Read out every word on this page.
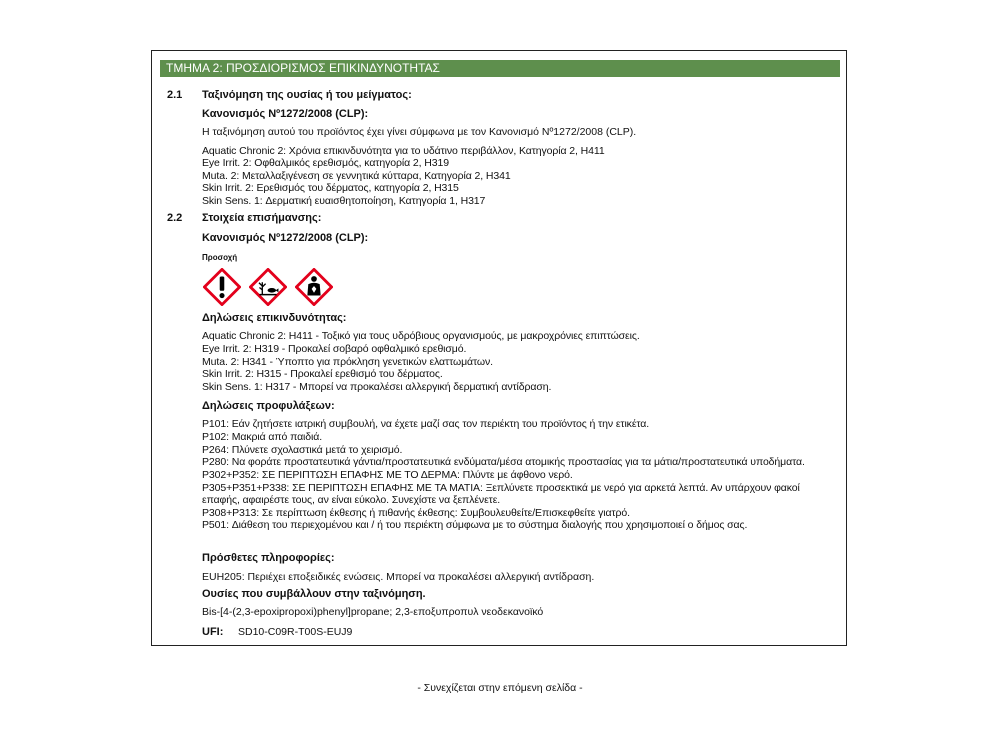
ΤΜΗΜΑ 2: ΠΡΟΣΔΙΟΡΙΣΜΟΣ ΕΠΙΚΙΝΔΥΝΟΤΗΤΑΣ
2.1 Ταξινόμηση της ουσίας ή του μείγματος:
Κανονισμός Nº1272/2008 (CLP):
Η ταξινόμηση αυτού του προϊόντος έχει γίνει σύμφωνα με τον Κανονισμό Nº1272/2008 (CLP).
Aquatic Chronic 2: Χρόνια επικινδυνότητα για το υδάτινο περιβάλλον, Κατηγορία 2, H411
Eye Irrit. 2: Οφθαλμικός ερεθισμός, κατηγορία 2, H319
Muta. 2: Μεταλλαξιγένεση σε γεννητικά κύτταρα, Κατηγορία 2, H341
Skin Irrit. 2: Ερεθισμός του δέρματος, κατηγορία 2, H315
Skin Sens. 1: Δερματική ευαισθητοποίηση, Κατηγορία 1, H317
2.2 Στοιχεία επισήμανσης:
Κανονισμός Nº1272/2008 (CLP):
Προσοχή
Δηλώσεις επικινδυνότητας:
Aquatic Chronic 2: H411 - Τοξικό για τους υδρόβιους οργανισμούς, με μακροχρόνιες επιπτώσεις.
Eye Irrit. 2: H319 - Προκαλεί σοβαρό οφθαλμικό ερεθισμό.
Muta. 2: H341 - Ύποπτο για πρόκληση γενετικών ελαττωμάτων.
Skin Irrit. 2: H315 - Προκαλεί ερεθισμό του δέρματος.
Skin Sens. 1: H317 - Μπορεί να προκαλέσει αλλεργική δερματική αντίδραση.
Δηλώσεις προφυλάξεων:
P101: Εάν ζητήσετε ιατρική συμβουλή, να έχετε μαζί σας τον περιέκτη του προϊόντος ή την ετικέτα.
P102: Μακριά από παιδιά.
P264: Πλύνετε σχολαστικά μετά το χειρισμό.
P280: Να φοράτε προστατευτικά γάντια/προστατευτικά ενδύματα/μέσα ατομικής προστασίας για τα μάτια/προστατευτικά υποδήματα.
P302+P352: ΣΕ ΠΕΡΙΠΤΩΣΗ ΕΠΑΦΗΣ ΜΕ ΤΟ ΔΕΡΜΑ: Πλύντε με άφθονο νερό.
P305+P351+P338: ΣΕ ΠΕΡΙΠΤΩΣΗ ΕΠΑΦΗΣ ΜΕ ΤΑ ΜΑΤΙΑ: Ξεπλύνετε προσεκτικά με νερό για αρκετά λεπτά. Αν υπάρχουν φακοί
επαφής, αφαιρέστε τους, αν είναι εύκολο. Συνεχίστε να ξεπλένετε.
P308+P313: Σε περίπτωση έκθεσης ή πιθανής έκθεσης: Συμβουλευθείτε/Επισκεφθείτε γιατρό.
P501: Διάθεση του περιεχομένου και / ή του περιέκτη σύμφωνα με το σύστημα διαλογής που χρησιμοποιεί ο δήμος σας.
Πρόσθετες πληροφορίες:
EUH205: Περιέχει εποξειδικές ενώσεις. Μπορεί να προκαλέσει αλλεργική αντίδραση.
Ουσίες που συμβάλλουν στην ταξινόμηση.
Bis-[4-(2,3-epoxipropoxi)phenyl]propane; 2,3-εποξυπροπυλ νεοδεκανοϊκό
UFI: SD10-C09R-T00S-EUJ9
- Συνεχίζεται στην επόμενη σελίδα -
